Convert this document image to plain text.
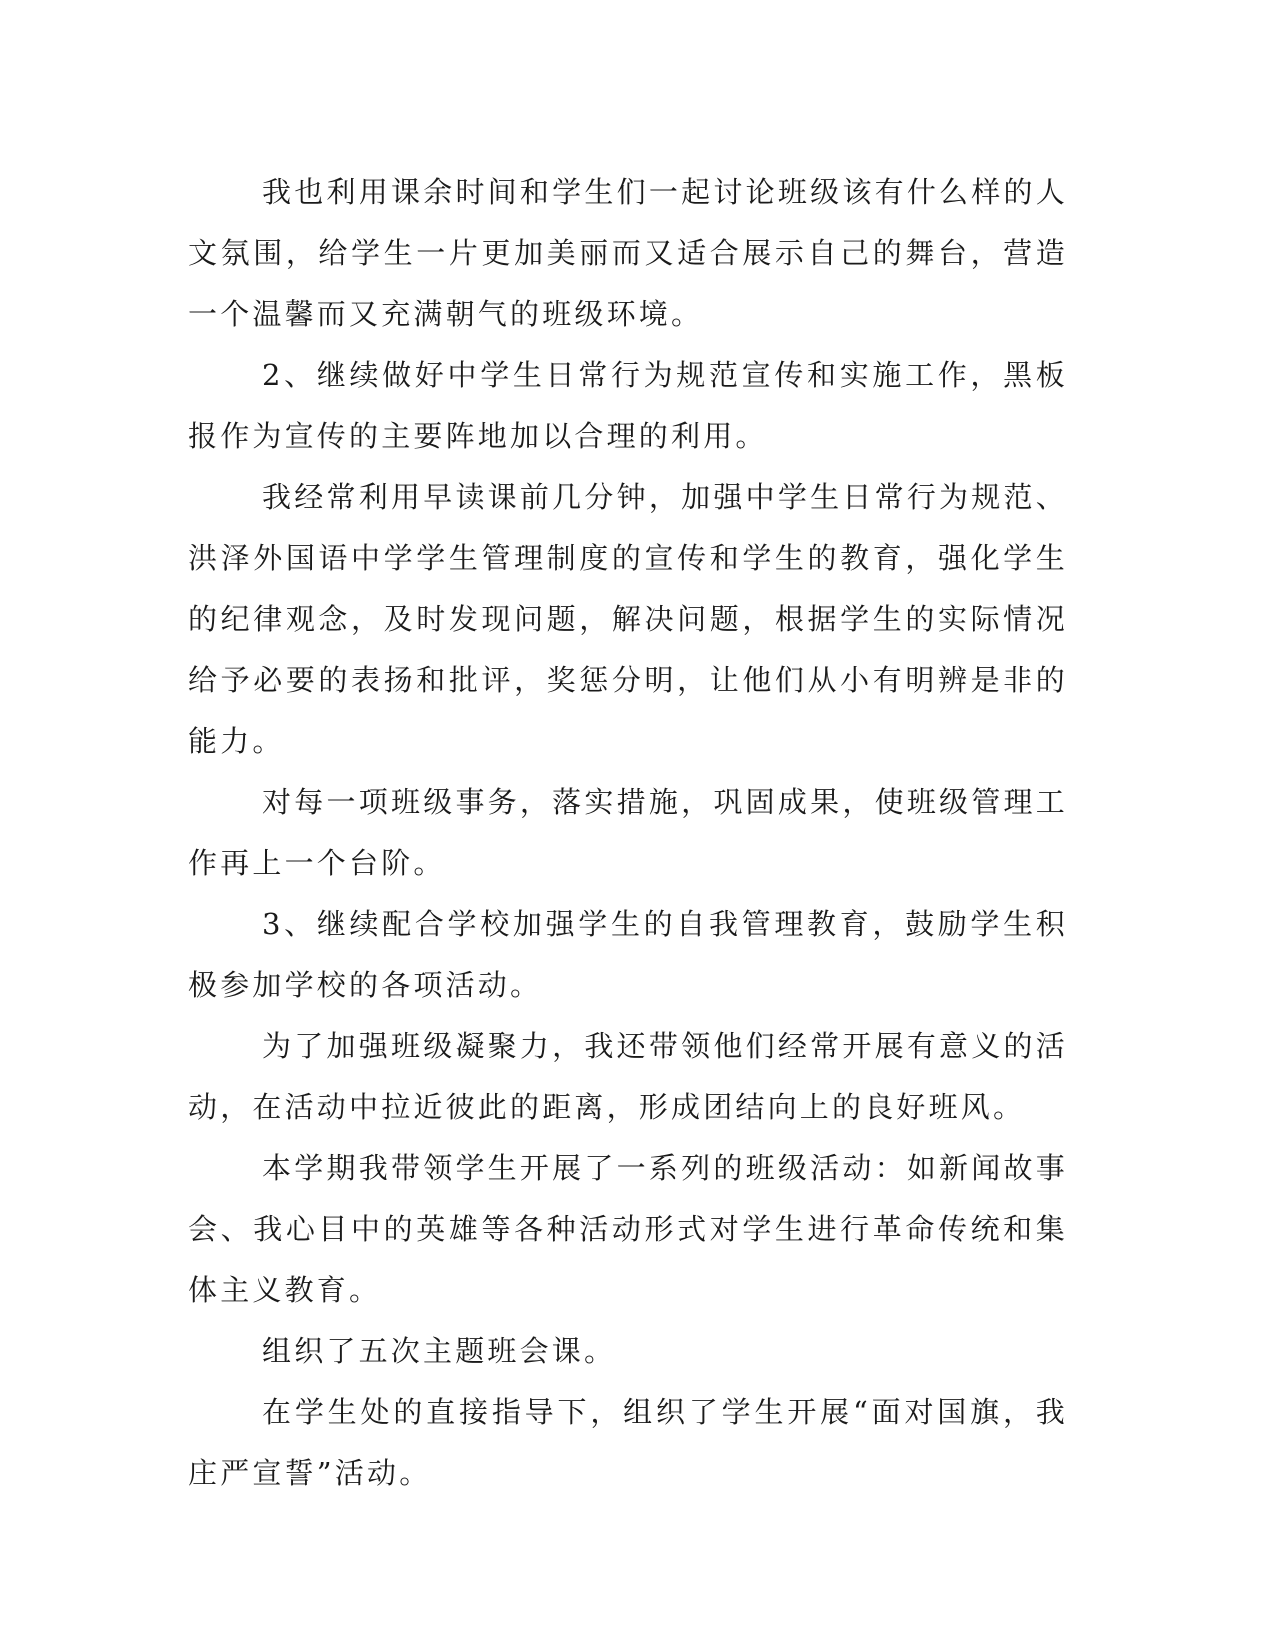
我也利用课余时间和学生们一起讨论班级该有什么样的人文氛围，给学生一片更加美丽而又适合展示自己的舞台，营造一个温馨而又充满朝气的班级环境。

2、继续做好中学生日常行为规范宣传和实施工作，黑板报作为宣传的主要阵地加以合理的利用。

我经常利用早读课前几分钟，加强中学生日常行为规范、洪泽外国语中学学生管理制度的宣传和学生的教育，强化学生的纪律观念，及时发现问题，解决问题，根据学生的实际情况给予必要的表扬和批评，奖惩分明，让他们从小有明辨是非的能力。

对每一项班级事务，落实措施，巩固成果，使班级管理工作再上一个台阶。

3、继续配合学校加强学生的自我管理教育，鼓励学生积极参加学校的各项活动。

为了加强班级凝聚力，我还带领他们经常开展有意义的活动，在活动中拉近彼此的距离，形成团结向上的良好班风。

本学期我带领学生开展了一系列的班级活动：如新闻故事会、我心目中的英雄等各种活动形式对学生进行革命传统和集体主义教育。

组织了五次主题班会课。

在学生处的直接指导下，组织了学生开展“面对国旗，我庄严宣誓”活动。
